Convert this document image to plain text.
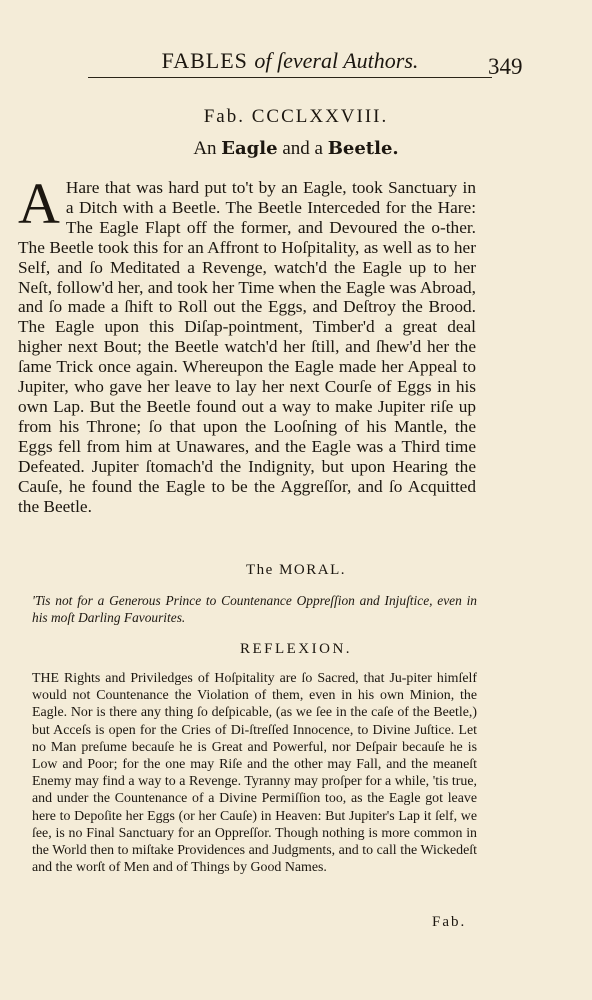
FABLES of ſeveral Authors.	349
Fab. CCCLXXVIII.
An Eagle and a Beetle.

A Hare that was hard put to't by an Eagle, took Sanctuary in a Ditch with a Beetle. The Beetle Interceded for the Hare: The Eagle Flapt off the former, and Devoured the o-ther. The Beetle took this for an Affront to Hoſpitality, as well as to her Self, and ſo Meditated a Revenge, watch'd the Eagle up to her Neſt, follow'd her, and took her Time when the Eagle was Abroad, and ſo made a ſhift to Roll out the Eggs, and Deſtroy the Brood. The Eagle upon this Diſap-pointment, Timber'd a great deal higher next Bout; the Beetle watch'd her ſtill, and ſhew'd her the ſame Trick once again. Whereupon the Eagle made her Appeal to Jupiter, who gave her leave to lay her next Courſe of Eggs in his own Lap. But the Beetle found out a way to make Jupiter riſe up from his Throne; ſo that upon the Looſning of his Mantle, the Eggs fell from him at Unawares, and the Eagle was a Third time Defeated. Jupiter ſtomach'd the Indignity, but upon Hearing the Cauſe, he found the Eagle to be the Aggreſſor, and ſo Acquitted the Beetle.

The MORAL.

'Tis not for a Generous Prince to Countenance Oppreſſion and Injuſtice, even in his moſt Darling Favourites.

REFLEXION.

THE Rights and Priviledges of Hoſpitality are ſo Sacred, that Ju-piter himſelf would not Countenance the Violation of them, even in his own Minion, the Eagle. Nor is there any thing ſo deſpicable, (as we ſee in the caſe of the Beetle,) but Acceſs is open for the Cries of Di-ſtreſſed Innocence, to Divine Juſtice. Let no Man preſume becauſe he is Great and Powerful, nor Deſpair becauſe he is Low and Poor; for the one may Riſe and the other may Fall, and the meaneſt Enemy may find a way to a Revenge. Tyranny may proſper for a while, 'tis true, and under the Countenance of a Divine Permiſſion too, as the Eagle got leave here to Depoſite her Eggs (or her Cauſe) in Heaven: But Jupiter's Lap it ſelf, we ſee, is no Final Sanctuary for an Oppreſſor. Though nothing is more common in the World then to miſtake Providences and Judgments, and to call the Wickedeſt and the worſt of Men and of Things by Good Names.

Fab.
